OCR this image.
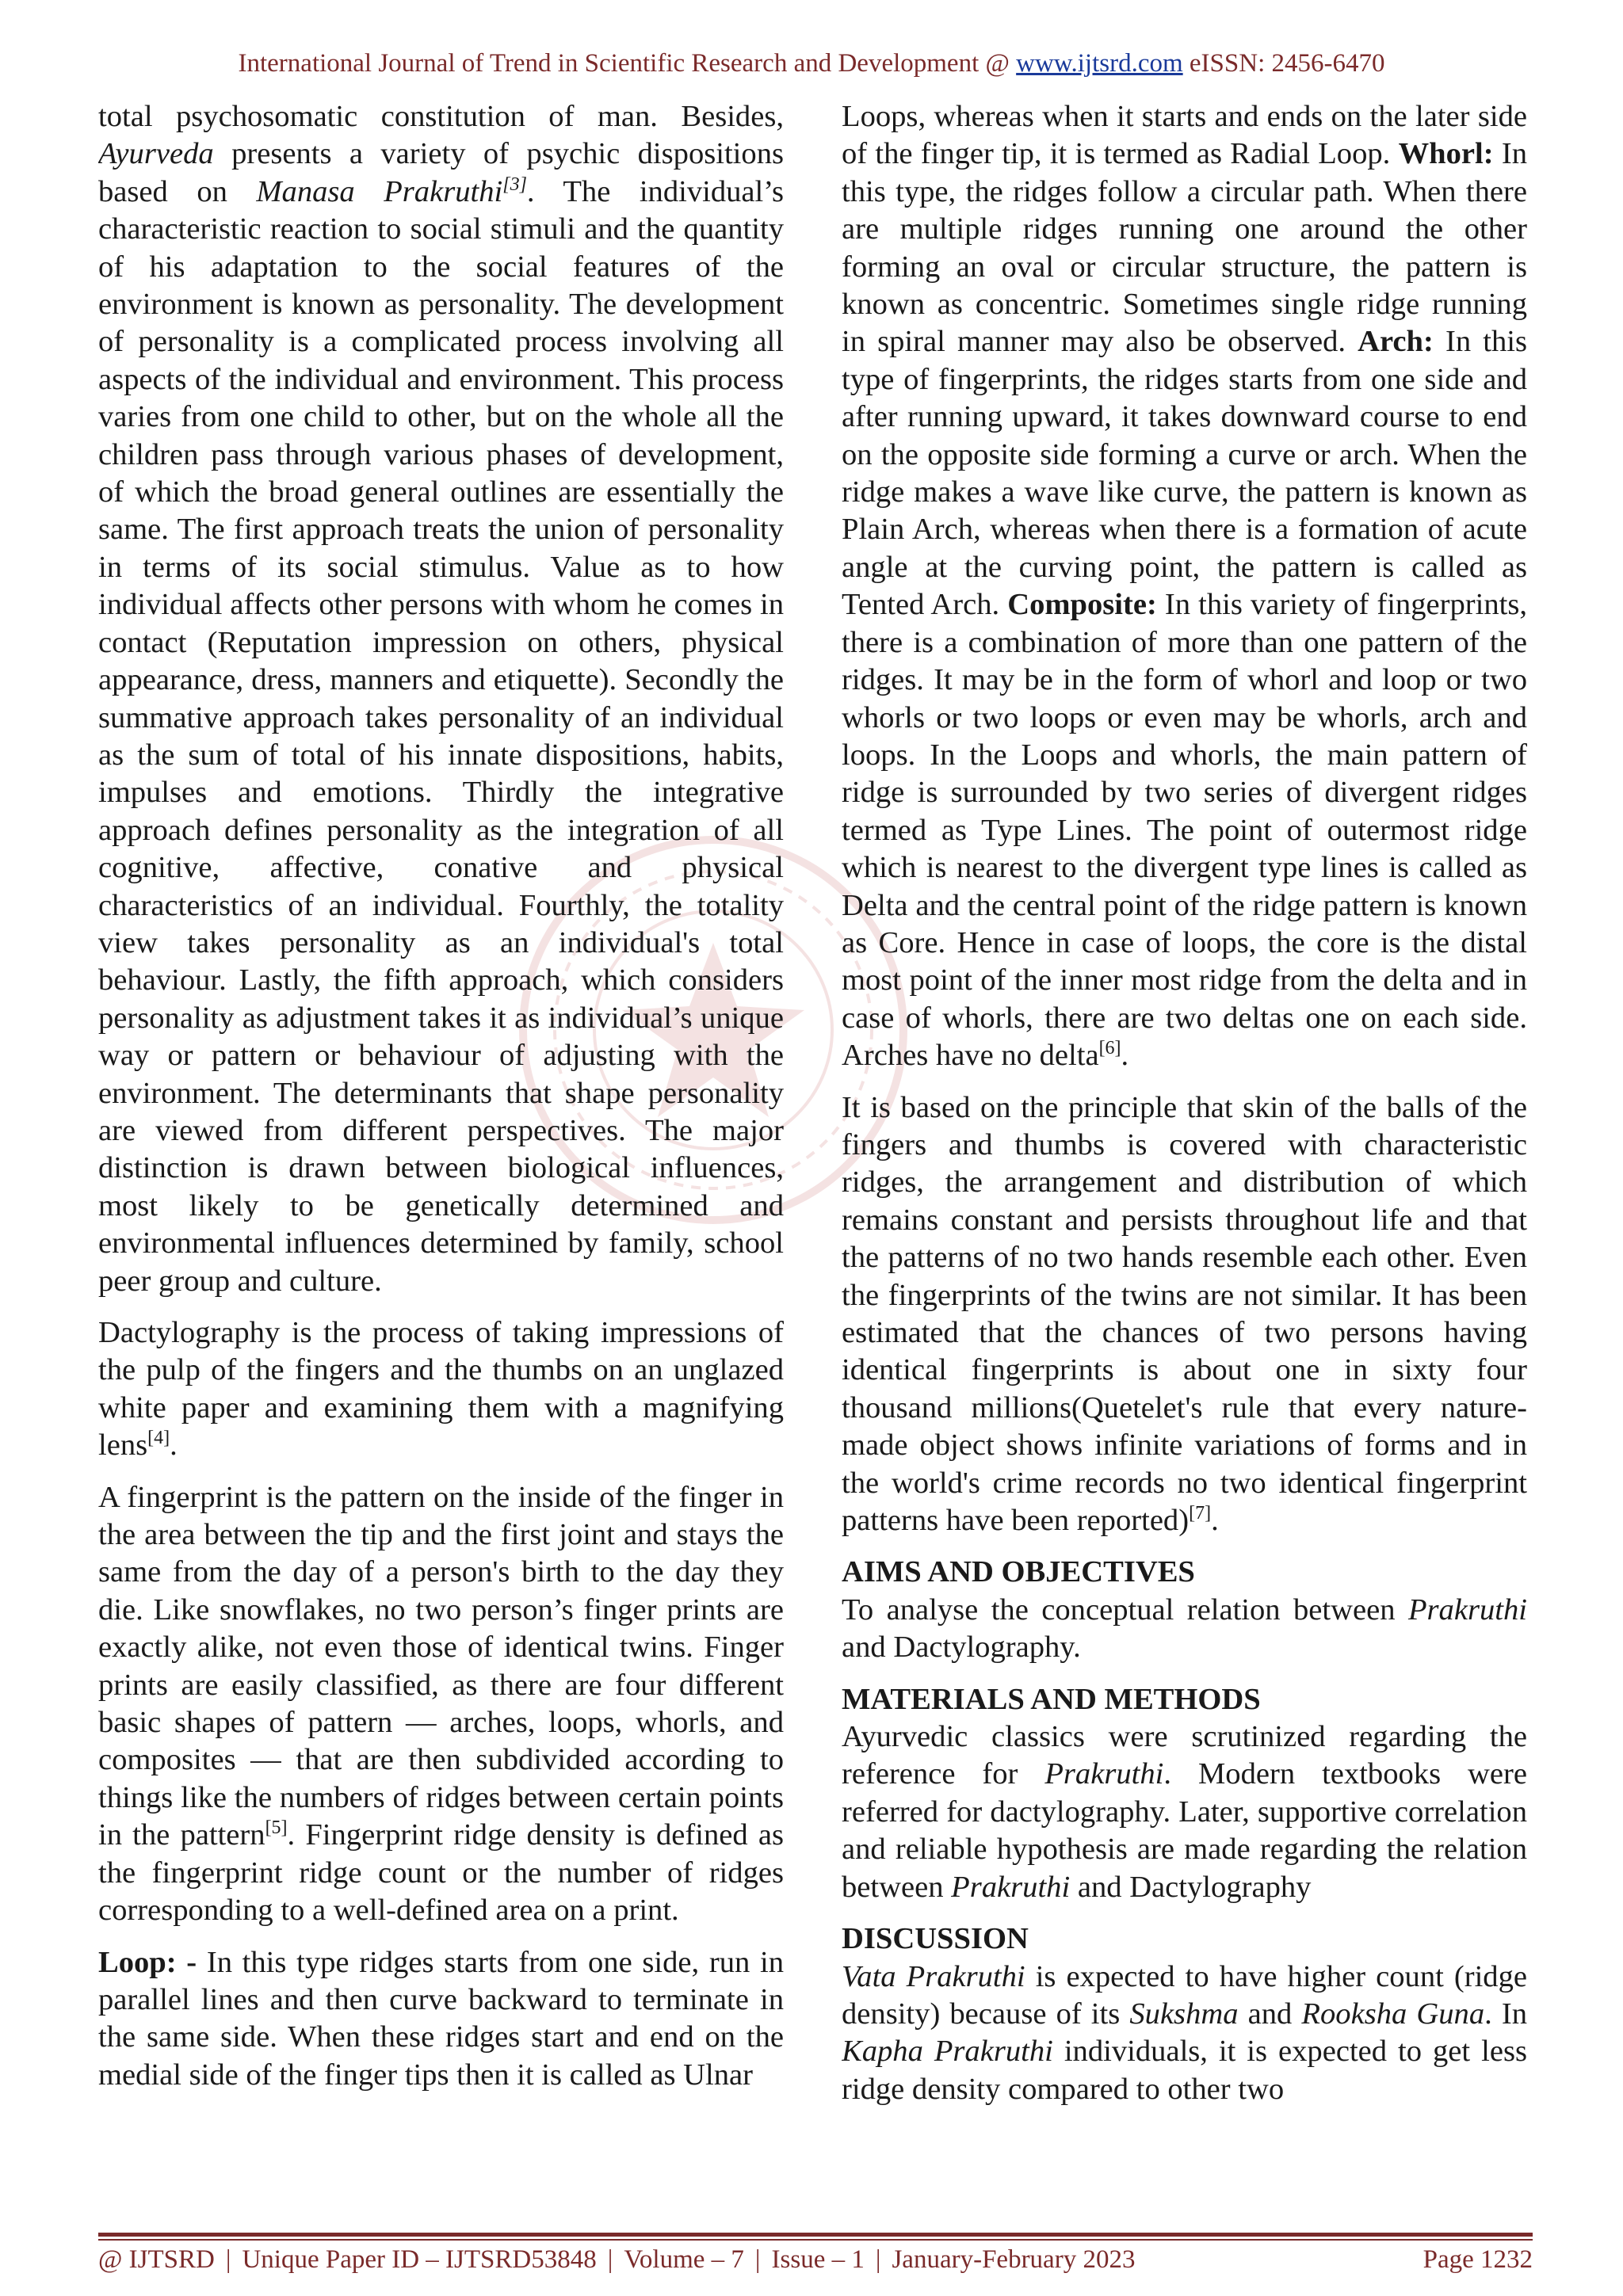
International Journal of Trend in Scientific Research and Development @ www.ijtsrd.com eISSN: 2456-6470

total psychosomatic constitution of man. Besides, Ayurveda presents a variety of psychic dispositions based on Manasa Prakruthi[3]. The individual’s characteristic reaction to social stimuli and the quantity of his adaptation to the social features of the environment is known as personality. The development of personality is a complicated process involving all aspects of the individual and environment. This process varies from one child to other, but on the whole all the children pass through various phases of development, of which the broad general outlines are essentially the same. The first approach treats the union of personality in terms of its social stimulus. Value as to how individual affects other persons with whom he comes in contact (Reputation impression on others, physical appearance, dress, manners and etiquette). Secondly the summative approach takes personality of an individual as the sum of total of his innate dispositions, habits, impulses and emotions. Thirdly the integrative approach defines personality as the integration of all cognitive, affective, conative and physical characteristics of an individual. Fourthly, the totality view takes personality as an individual's total behaviour. Lastly, the fifth approach, which considers personality as adjustment takes it as individual’s unique way or pattern or behaviour of adjusting with the environment. The determinants that shape personality are viewed from different perspectives. The major distinction is drawn between biological influences, most likely to be genetically determined and environmental influences determined by family, school peer group and culture.

Dactylography is the process of taking impressions of the pulp of the fingers and the thumbs on an unglazed white paper and examining them with a magnifying lens[4].

A fingerprint is the pattern on the inside of the finger in the area between the tip and the first joint and stays the same from the day of a person's birth to the day they die. Like snowflakes, no two person’s finger prints are exactly alike, not even those of identical twins. Finger prints are easily classified, as there are four different basic shapes of pattern — arches, loops, whorls, and composites — that are then subdivided according to things like the numbers of ridges between certain points in the pattern[5]. Fingerprint ridge density is defined as the fingerprint ridge count or the number of ridges corresponding to a well-defined area on a print.

Loop: - In this type ridges starts from one side, run in parallel lines and then curve backward to terminate in the same side. When these ridges start and end on the medial side of the finger tips then it is called as Ulnar

Loops, whereas when it starts and ends on the later side of the finger tip, it is termed as Radial Loop. Whorl: In this type, the ridges follow a circular path. When there are multiple ridges running one around the other forming an oval or circular structure, the pattern is known as concentric. Sometimes single ridge running in spiral manner may also be observed. Arch: In this type of fingerprints, the ridges starts from one side and after running upward, it takes downward course to end on the opposite side forming a curve or arch. When the ridge makes a wave like curve, the pattern is known as Plain Arch, whereas when there is a formation of acute angle at the curving point, the pattern is called as Tented Arch. Composite: In this variety of fingerprints, there is a combination of more than one pattern of the ridges. It may be in the form of whorl and loop or two whorls or two loops or even may be whorls, arch and loops. In the Loops and whorls, the main pattern of ridge is surrounded by two series of divergent ridges termed as Type Lines. The point of outermost ridge which is nearest to the divergent type lines is called as Delta and the central point of the ridge pattern is known as Core. Hence in case of loops, the core is the distal most point of the inner most ridge from the delta and in case of whorls, there are two deltas one on each side. Arches have no delta[6].

It is based on the principle that skin of the balls of the fingers and thumbs is covered with characteristic ridges, the arrangement and distribution of which remains constant and persists throughout life and that the patterns of no two hands resemble each other. Even the fingerprints of the twins are not similar. It has been estimated that the chances of two persons having identical fingerprints is about one in sixty four thousand millions(Quetelet's rule that every nature-made object shows infinite variations of forms and in the world's crime records no two identical fingerprint patterns have been reported)[7].

AIMS AND OBJECTIVES

To analyse the conceptual relation between Prakruthi and Dactylography.

MATERIALS AND METHODS

Ayurvedic classics were scrutinized regarding the reference for Prakruthi. Modern textbooks were referred for dactylography. Later, supportive correlation and reliable hypothesis are made regarding the relation between Prakruthi and Dactylography

DISCUSSION

Vata Prakruthi is expected to have higher count (ridge density) because of its Sukshma and Rooksha Guna. In Kapha Prakruthi individuals, it is expected to get less ridge density compared to other two

@ IJTSRD | Unique Paper ID – IJTSRD53848 | Volume – 7 | Issue – 1 | January-February 2023	Page 1232
